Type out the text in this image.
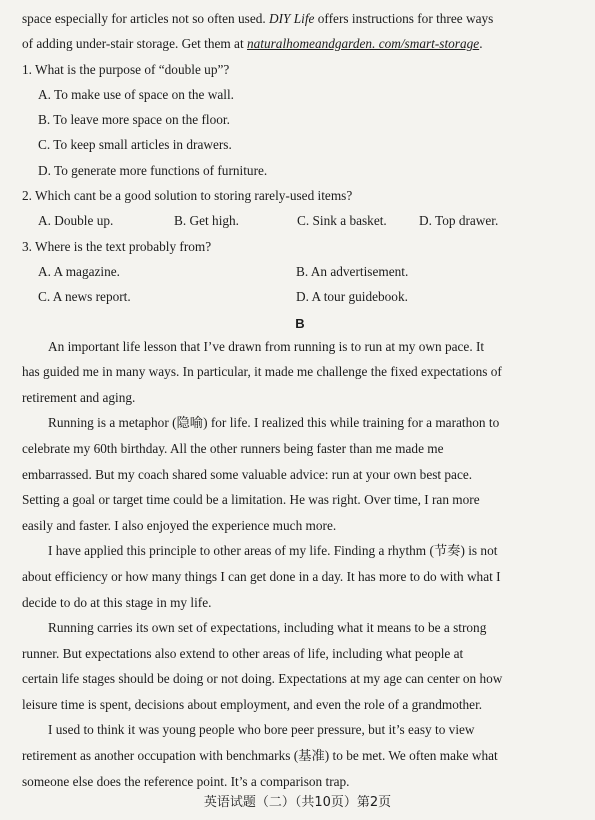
space especially for articles not so often used. DIY Life offers instructions for three ways
of adding under-stair storage. Get them at naturalhomeandgarden. com/smart-storage.
1. What is the purpose of “double up”?
A. To make use of space on the wall.
B. To leave more space on the floor.
C. To keep small articles in drawers.
D. To generate more functions of furniture.
2. Which cant be a good solution to storing rarely-used items?
A. Double up.	B. Get high.	C. Sink a basket.	D. Top drawer.
3. Where is the text probably from?
A. A magazine.	B. An advertisement.
C. A news report.	D. A tour guidebook.
B
An important life lesson that I’ve drawn from running is to run at my own pace. It
has guided me in many ways. In particular, it made me challenge the fixed expectations of
retirement and aging.
Running is a metaphor (隐喻) for life. I realized this while training for a marathon to
celebrate my 60th birthday. All the other runners being faster than me made me
embarrassed. But my coach shared some valuable advice: run at your own best pace.
Setting a goal or target time could be a limitation. He was right. Over time, I ran more
easily and faster. I also enjoyed the experience much more.
I have applied this principle to other areas of my life. Finding a rhythm (节奏) is not
about efficiency or how many things I can get done in a day. It has more to do with what I
decide to do at this stage in my life.
Running carries its own set of expectations, including what it means to be a strong
runner. But expectations also extend to other areas of life, including what people at
certain life stages should be doing or not doing. Expectations at my age can center on how
leisure time is spent, decisions about employment, and even the role of a grandmother.
I used to think it was young people who bore peer pressure, but it’s easy to view
retirement as another occupation with benchmarks (基准) to be met. We often make what
someone else does the reference point. It’s a comparison trap.
英语试题（二）（共10页）第2页
